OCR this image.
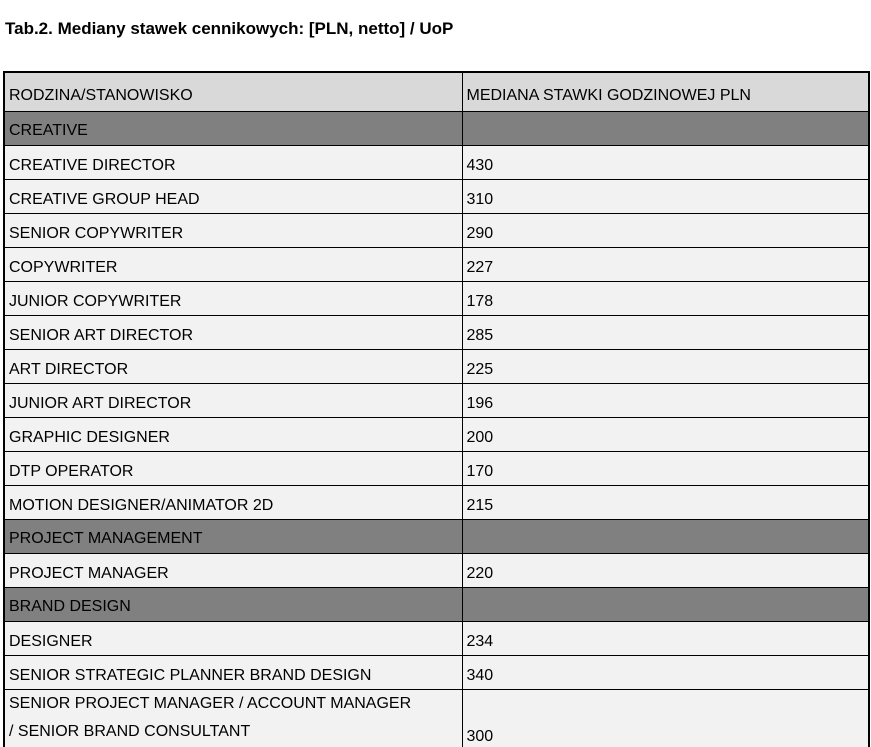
Tab.2. Mediany stawek cennikowych: [PLN, netto] / UoP
RODZINA/STANOWISKO	MEDIANA STAWKI GODZINOWEJ PLN
CREATIVE	
CREATIVE DIRECTOR	430
CREATIVE GROUP HEAD	310
SENIOR COPYWRITER	290
COPYWRITER	227
JUNIOR COPYWRITER	178
SENIOR ART DIRECTOR	285
ART DIRECTOR	225
JUNIOR ART DIRECTOR	196
GRAPHIC DESIGNER	200
DTP OPERATOR	170
MOTION DESIGNER/ANIMATOR 2D	215
PROJECT MANAGEMENT	
PROJECT MANAGER	220
BRAND DESIGN	
DESIGNER	234
SENIOR STRATEGIC PLANNER BRAND DESIGN	340
SENIOR PROJECT MANAGER / ACCOUNT MANAGER / SENIOR BRAND CONSULTANT	300
